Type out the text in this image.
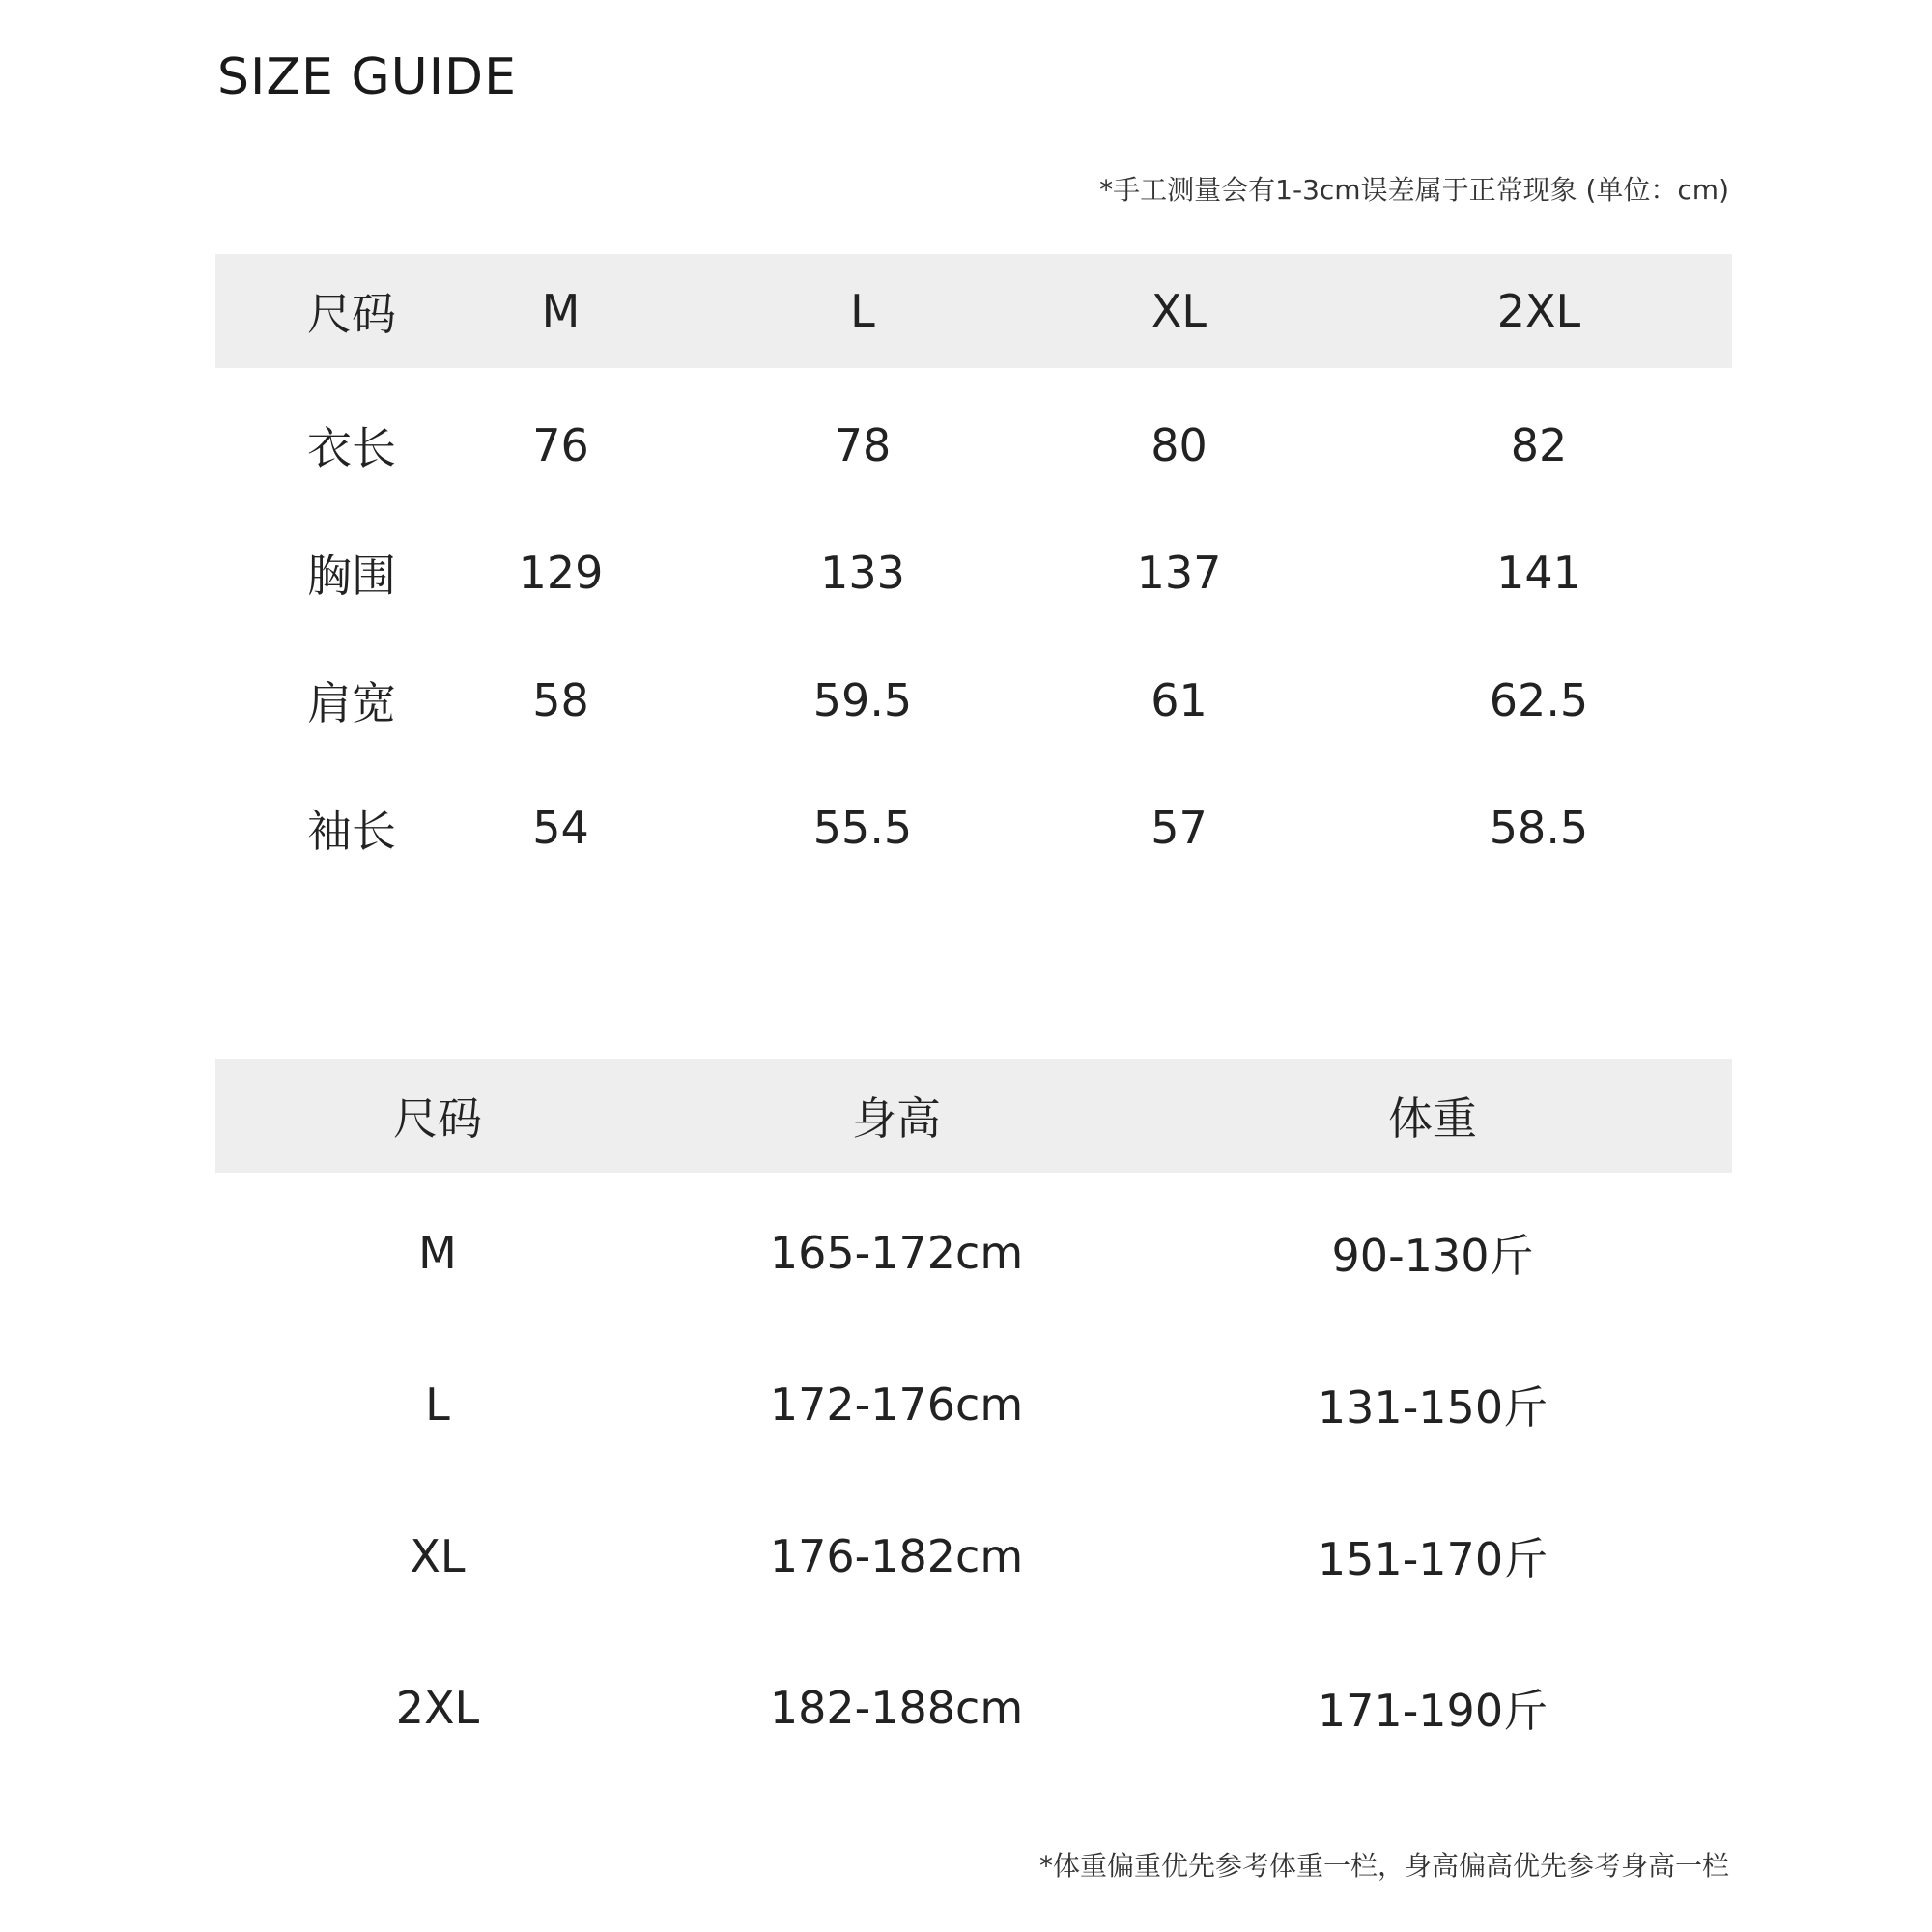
SIZE GUIDE
*手工测量会有1-3cm误差属于正常现象 (单位：cm)
尺码	M	L	XL	2XL
衣长	76	78	80	82
胸围	129	133	137	141
肩宽	58	59.5	61	62.5
袖长	54	55.5	57	58.5
尺码	身高	体重
M	165-172cm	90-130斤
L	172-176cm	131-150斤
XL	176-182cm	151-170斤
2XL	182-188cm	171-190斤
*体重偏重优先参考体重一栏，身高偏高优先参考身高一栏
